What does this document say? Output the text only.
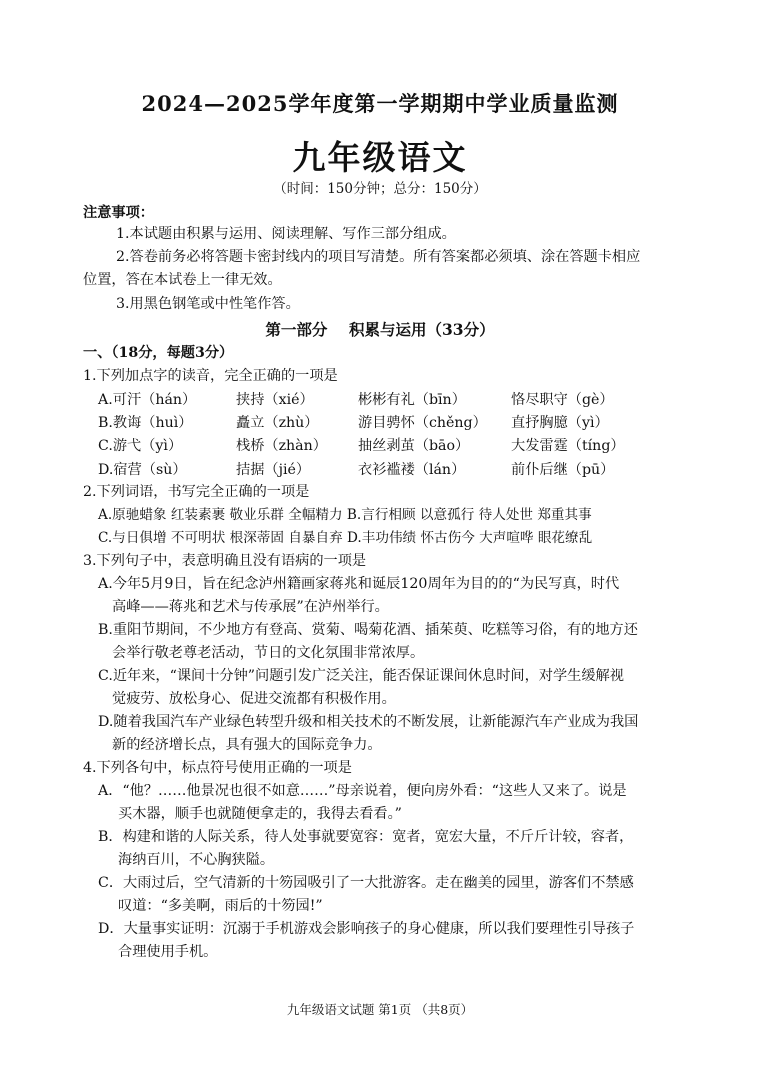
2024—2025学年度第一学期期中学业质量监测
九年级语文
（时间：150分钟；总分：150分）
注意事项：
1.本试题由积累与运用、阅读理解、写作三部分组成。
2.答卷前务必将答题卡密封线内的项目写清楚。所有答案都必须填、涂在答题卡相应
位置，答在本试卷上一律无效。
3.用黑色钢笔或中性笔作答。
第一部分    积累与运用（33分）
一、（18分，每题3分）
1.下列加点字的读音，完全正确的一项是
A.可汗（hán）	挟持（xié）	彬彬有礼（bīn）	恪尽职守（gè）
B.教诲（huì）	矗立（zhù）	游目骋怀（chěng） 直抒胸臆（yì）
C.游弋（yì）	栈桥（zhàn） 抽丝剥茧（bāo）	大发雷霆（tíng）
D.宿营（sù）	拮据（jié）	衣衫褴褛（lán）	前仆后继（pū）
2.下列词语，书写完全正确的一项是
A.原驰蜡象 红装素裹 敬业乐群 全幅精力 B.言行相顾 以意孤行 待人处世 郑重其事
C.与日俱增 不可明状 根深蒂固 自暴自弃 D.丰功伟绩 怀古伤今 大声喧哗 眼花缭乱
3.下列句子中，表意明确且没有语病的一项是
A.今年5月9日，旨在纪念泸州籍画家蒋兆和诞辰120周年为目的的“为民写真，时代
高峰——蒋兆和艺术与传承展”在泸州举行。
B.重阳节期间，不少地方有登高、赏菊、喝菊花酒、插茱萸、吃糕等习俗，有的地方还
会举行敬老尊老活动，节日的文化氛围非常浓厚。
C.近年来，“课间十分钟”问题引发广泛关注，能否保证课间休息时间，对学生缓解视
觉疲劳、放松身心、促进交流都有积极作用。
D.随着我国汽车产业绿色转型升级和相关技术的不断发展，让新能源汽车产业成为我国
新的经济增长点，具有强大的国际竞争力。
4.下列各句中，标点符号使用正确的一项是
A．“他？……他景况也很不如意……”母亲说着，便向房外看：“这些人又来了。说是
买木器，顺手也就随便拿走的，我得去看看。”
B．构建和谐的人际关系，待人处事就要宽容：宽者，宽宏大量，不斤斤计较，容者，
海纳百川，不心胸狭隘。
C．大雨过后，空气清新的十笏园吸引了一大批游客。走在幽美的园里，游客们不禁感
叹道：“多美啊，雨后的十笏园!”
D．大量事实证明：沉溺于手机游戏会影响孩子的身心健康，所以我们要理性引导孩子
合理使用手机。
九年级语文试题 第1页 （共8页）
